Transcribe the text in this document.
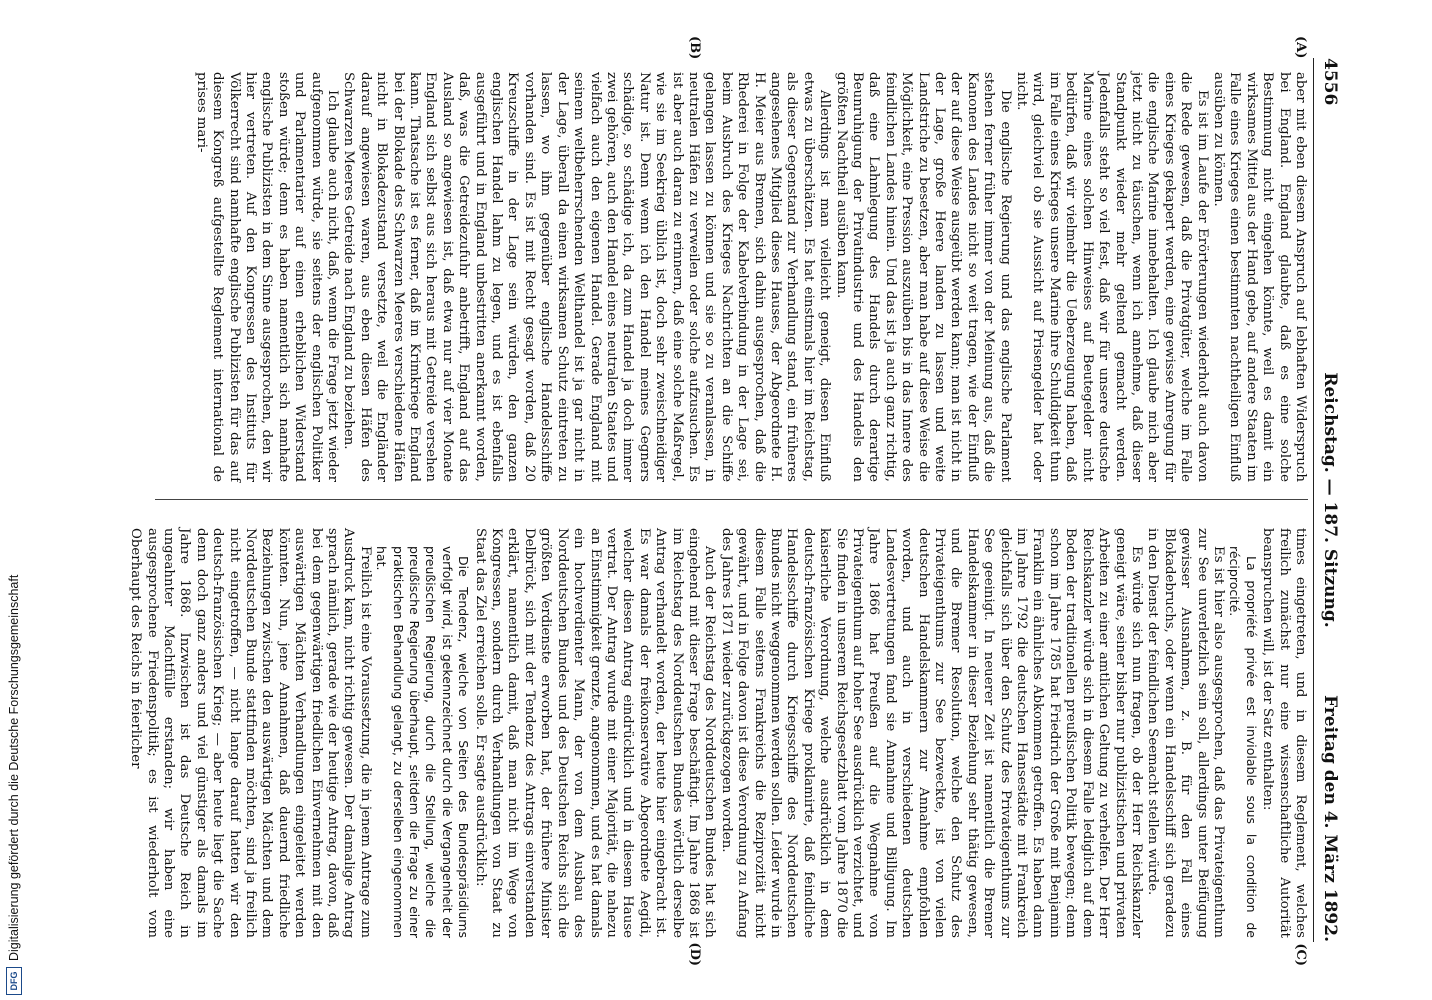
4556
Reichstag. — 187. Sitzung.
Freitag den 4. März 1892.
(A)
(B)
(C)
(D)

aber mit eben diesem Anspruch auf lebhaften Widerspruch bei England. England glaubte, daß es eine solche Bestimmung nicht eingehen könnte, weil es damit ein wirksames Mittel aus der Hand gebe, auf andere Staaten im Falle eines Krieges einen bestimmten nachtheiligen Einfluß ausüben zu können.

Es ist im Laufe der Erörterungen wiederholt auch davon die Rede gewesen, daß die Privatgüter, welche im Falle eines Krieges gekapert werden, eine gewisse Anregung für die englische Marine innebehalten. Ich glaube mich aber jetzt nicht zu täuschen, wenn ich annehme, daß dieser Standpunkt wieder mehr geltend gemacht werden. Jedenfalls steht so viel fest, daß wir für unsere deutsche Marine eines solchen Hinweises auf Beutegelder nicht bedürfen, daß wir vielmehr die Ueberzeugung haben, daß im Falle eines Krieges unsere Marine ihre Schuldigkeit thun wird, gleichviel ob sie Aussicht auf Prisengelder hat oder nicht.

Die englische Regierung und das englische Parlament stehen ferner früher immer von der Meinung aus, daß die Kanonen des Landes nicht so weit tragen, wie der Einfluß der auf diese Weise ausgeübt werden kann; man ist nicht in der Lage, große Heere landen zu lassen und weite Landstriche zu besetzen, aber man habe auf diese Weise die Möglichkeit, eine Pression auszuüben bis in das Innere des feindlichen Landes hinein. Und das ist ja auch ganz richtig, daß eine Lahmlegung des Handels durch derartige Beunruhigung der Privatindustrie und des Handels den größten Nachtheil ausüben kann.

Allerdings ist man vielleicht geneigt, diesen Einfluß etwas zu überschätzen. Es hat einstmals hier im Reichstag, als dieser Gegenstand zur Verhandlung stand, ein früheres angesehenes Mitglied dieses Hauses, der Abgeordnete H. H. Meier aus Bremen, sich dahin ausgesprochen, daß die Rhederei in Folge der Kabelverbindung in der Lage sei, beim Ausbruch des Krieges Nachrichten an die Schiffe gelangen lassen zu können und sie so zu veranlassen, in neutralen Häfen zu verweilen oder solche aufzusuchen. Es ist aber auch daran zu erinnern, daß eine solche Maßregel, wie sie im Seekrieg üblich ist, doch sehr zweischneidiger Natur ist. Denn wenn ich den Handel meines Gegners schädige, so schädige ich, da zum Handel ja doch immer zwei gehören, auch den Handel eines neutralen Staates und vielfach auch den eigenen Handel. Gerade England mit seinem weltbeherrschenden Welthandel ist ja gar nicht in der Lage, überall da einen wirksamen Schutz eintreten zu lassen, wo ihm gegenüber englische Handelsschiffe vorhanden sind. Es ist mit Recht gesagt worden, daß 20 Kreuzschiffe in der Lage sein würden, den ganzen englischen Handel lahm zu legen, und es ist ebenfalls ausgeführt und in England unbestritten anerkannt worden, daß, was die Getreidezufuhr anbetrifft, England auf das Ausland so angewiesen ist, daß etwa nur auf vier Monate England sich selbst aus sich heraus mit Getreide versehen kann. Thatsache ist es ferner, daß im Krimkriege England bei der Blokade des Schwarzen Meeres verschiedene Häfen nicht in Blokadezustand versetzte, weil die Engländer darauf angewiesen waren, aus eben diesen Häfen des Schwarzen Meeres Getreide nach England zu beziehen.

Ich glaube auch nicht, daß, wenn die Frage jetzt wieder aufgenommen würde, sie seitens der englischen Politiker und Parlamentarier auf einen erheblichen Widerstand stoßen würde; denn es haben namentlich sich namhafte englische Publizisten in dem Sinne ausgesprochen, den wir hier vertreten. Auf den Kongressen des Instituts für Völkerrecht sind namhafte englische Publizisten für das auf diesem Kongreß aufgestellte Reglement international de prises mari-

times eingetreten, und in diesem Reglement, welches freilich zunächst nur eine wissenschaftliche Autorität beanspruchen will, ist der Satz enthalten:

La propriété privée est inviolable sous la condition de réciprocité.

Es ist hier also ausgesprochen, daß das Privateigenthum zur See unverletzlich sein soll, allerdings unter Beifügung gewisser Ausnahmen, z. B. für den Fall eines Blokadebruchs, oder wenn ein Handelsschiff sich geradezu in den Dienst der feindlichen Seemacht stellen würde.

Es würde sich nun fragen, ob der Herr Reichskanzler geneigt wäre, seiner bisher nur publizistischen und privaten Arbeiten zu einer amtlichen Geltung zu verhelfen. Der Herr Reichskanzler würde sich in diesem Falle lediglich auf dem Boden der traditionellen preußischen Politik bewegen; denn schon im Jahre 1785 hat Friedrich der Große mit Benjamin Franklin ein ähnliches Abkommen getroffen. Es haben dann im Jahre 1792 die deutschen Hansestädte mit Frankreich gleichfalls sich über den Schutz des Privateigenthums zur See geeinigt. In neuerer Zeit ist namentlich die Bremer Handelskammer in dieser Beziehung sehr thätig gewesen, und die Bremer Resolution, welche den Schutz des Privateigenthums zur See bezweckte, ist von vielen deutschen Handelskammern zur Annahme empfohlen worden, und auch in verschiedenen deutschen Landesvertretungen fand sie Annahme und Billigung. Im Jahre 1866 hat Preußen auf die Wegnahme von Privateigenthum auf hoher See ausdrücklich verzichtet, und Sie finden in unserem Reichsgesetzblatt vom Jahre 1870 die kaiserliche Verordnung, welche ausdrücklich in dem deutsch-französischen Kriege proklamirte, daß feindliche Handelsschiffe durch Kriegsschiffe des Norddeutschen Bundes nicht weggenommen werden sollen. Leider wurde in diesem Falle seitens Frankreichs die Reziprozität nicht gewährt, und in Folge davon ist diese Verordnung zu Anfang des Jahres 1871 wieder zurückgezogen worden.

Auch der Reichstag des Norddeutschen Bundes hat sich eingehend mit dieser Frage beschäftigt. Im Jahre 1868 ist im Reichstag des Norddeutschen Bundes wörtlich derselbe Antrag verhandelt worden, der heute hier eingebracht ist. Es war damals der freikonservative Abgeordnete Aegidi, welcher diesen Antrag eindrücklich und in diesem Hause vertrat. Der Antrag wurde mit einer Majorität, die nahezu an Einstimmigkeit grenzte, angenommen, und es hat damals ein hochverdienter Mann, der von dem Ausbau des Norddeutschen Bundes und des Deutschen Reichs sich die größten Verdienste erworben hat, der frühere Minister Delbrück, sich mit der Tendenz des Antrags einverstanden erklärt, namentlich damit, daß man nicht im Wege von Kongressen, sondern durch Verhandlungen von Staat zu Staat das Ziel erreichen solle. Er sagte ausdrücklich:

Die Tendenz, welche von Seiten des Bundespräsidiums verfolgt wird, ist gekennzeichnet durch die Vergangenheit der preußischen Regierung, durch die Stellung, welche die preußische Regierung überhaupt, seitdem die Frage zu einer praktischen Behandlung gelangt, zu derselben eingenommen hat.

Freilich ist eine Voraussetzung, die in jenem Antrage zum Ausdruck kam, nicht richtig gewesen. Der damalige Antrag sprach nämlich, gerade wie der heutige Antrag, davon, daß bei dem gegenwärtigen friedlichen Einvernehmen mit den auswärtigen Mächten Verhandlungen eingeleitet werden könnten. Nun, jene Annahmen, daß dauernd friedliche Beziehungen zwischen den auswärtigen Mächten und dem Norddeutschen Bunde stattfinden möchten, sind ja freilich nicht eingetroffen, — nicht lange darauf hatten wir den deutsch-französischen Krieg; — aber heute liegt die Sache denn doch ganz anders und viel günstiger als damals im Jahre 1868. Inzwischen ist das Deutsche Reich in ungeahnter Machtfülle erstanden; wir haben eine ausgesprochene Friedenspolitik; es ist wiederholt vom Oberhaupt des Reichs in feierlicher

DFG
Digitalisierung gefördert durch die Deutsche Forschungsgemeinschaft
